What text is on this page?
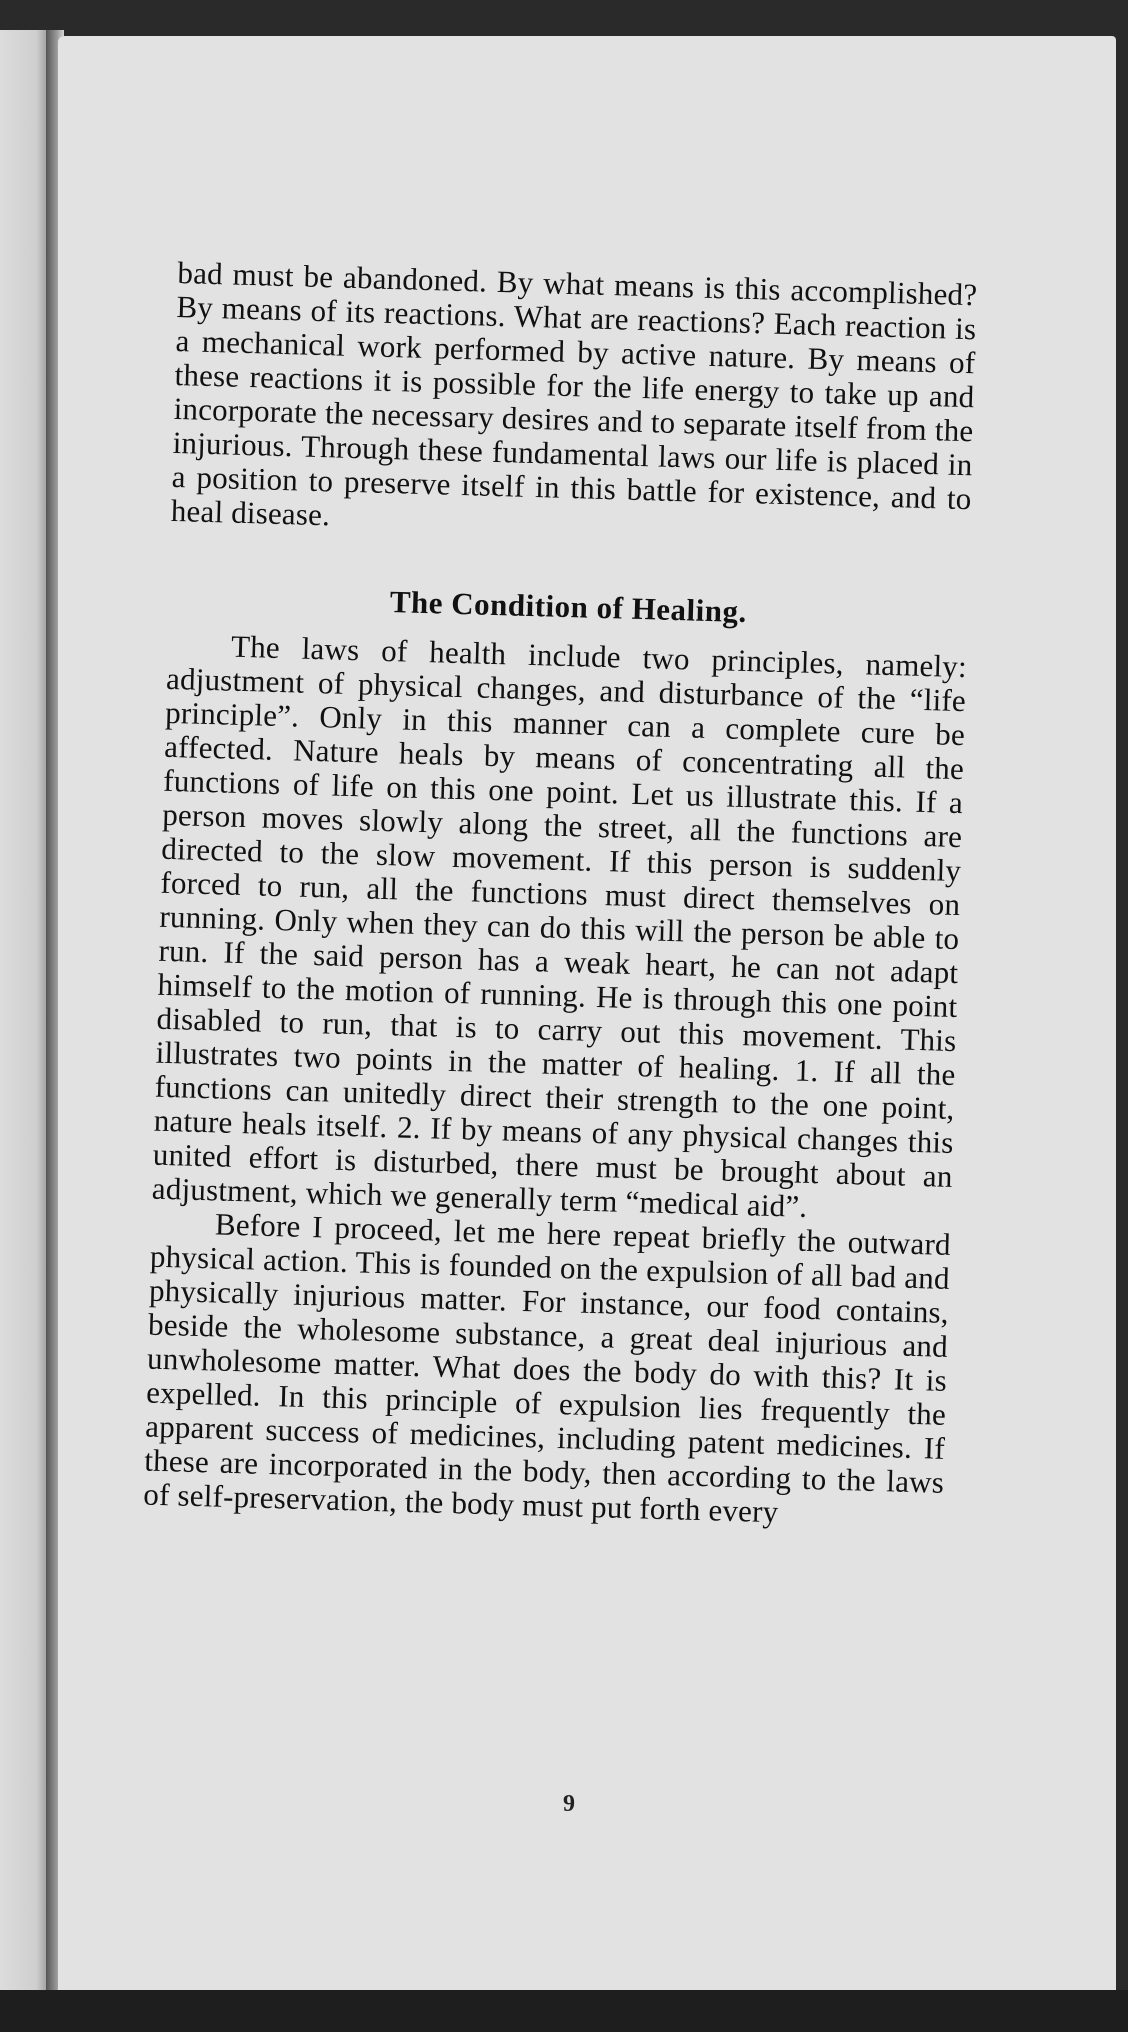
bad must be abandoned. By what means is this accomplished? By means of its reactions. What are reactions? Each reaction is a mechanical work performed by active nature. By means of these reactions it is possible for the life energy to take up and incorporate the necessary desires and to separate itself from the injurious. Through these fundamental laws our life is placed in a position to preserve itself in this battle for existence, and to heal disease.

The Condition of Healing.

The laws of health include two principles, namely: adjustment of physical changes, and disturbance of the “life principle”. Only in this manner can a complete cure be affected. Nature heals by means of concentrating all the functions of life on this one point. Let us illustrate this. If a person moves slowly along the street, all the functions are directed to the slow movement. If this person is suddenly forced to run, all the functions must direct themselves on running. Only when they can do this will the person be able to run. If the said person has a weak heart, he can not adapt himself to the motion of running. He is through this one point disabled to run, that is to carry out this movement. This illustrates two points in the matter of healing. 1. If all the functions can unitedly direct their strength to the one point, nature heals itself. 2. If by means of any physical changes this united effort is disturbed, there must be brought about an adjustment, which we generally term “medical aid”.

Before I proceed, let me here repeat briefly the outward physical action. This is founded on the expulsion of all bad and physically injurious matter. For instance, our food contains, beside the wholesome substance, a great deal injurious and unwholesome matter. What does the body do with this? It is expelled. In this principle of expulsion lies frequently the apparent success of medicines, including patent medicines. If these are incorporated in the body, then according to the laws of self-preservation, the body must put forth every

9
